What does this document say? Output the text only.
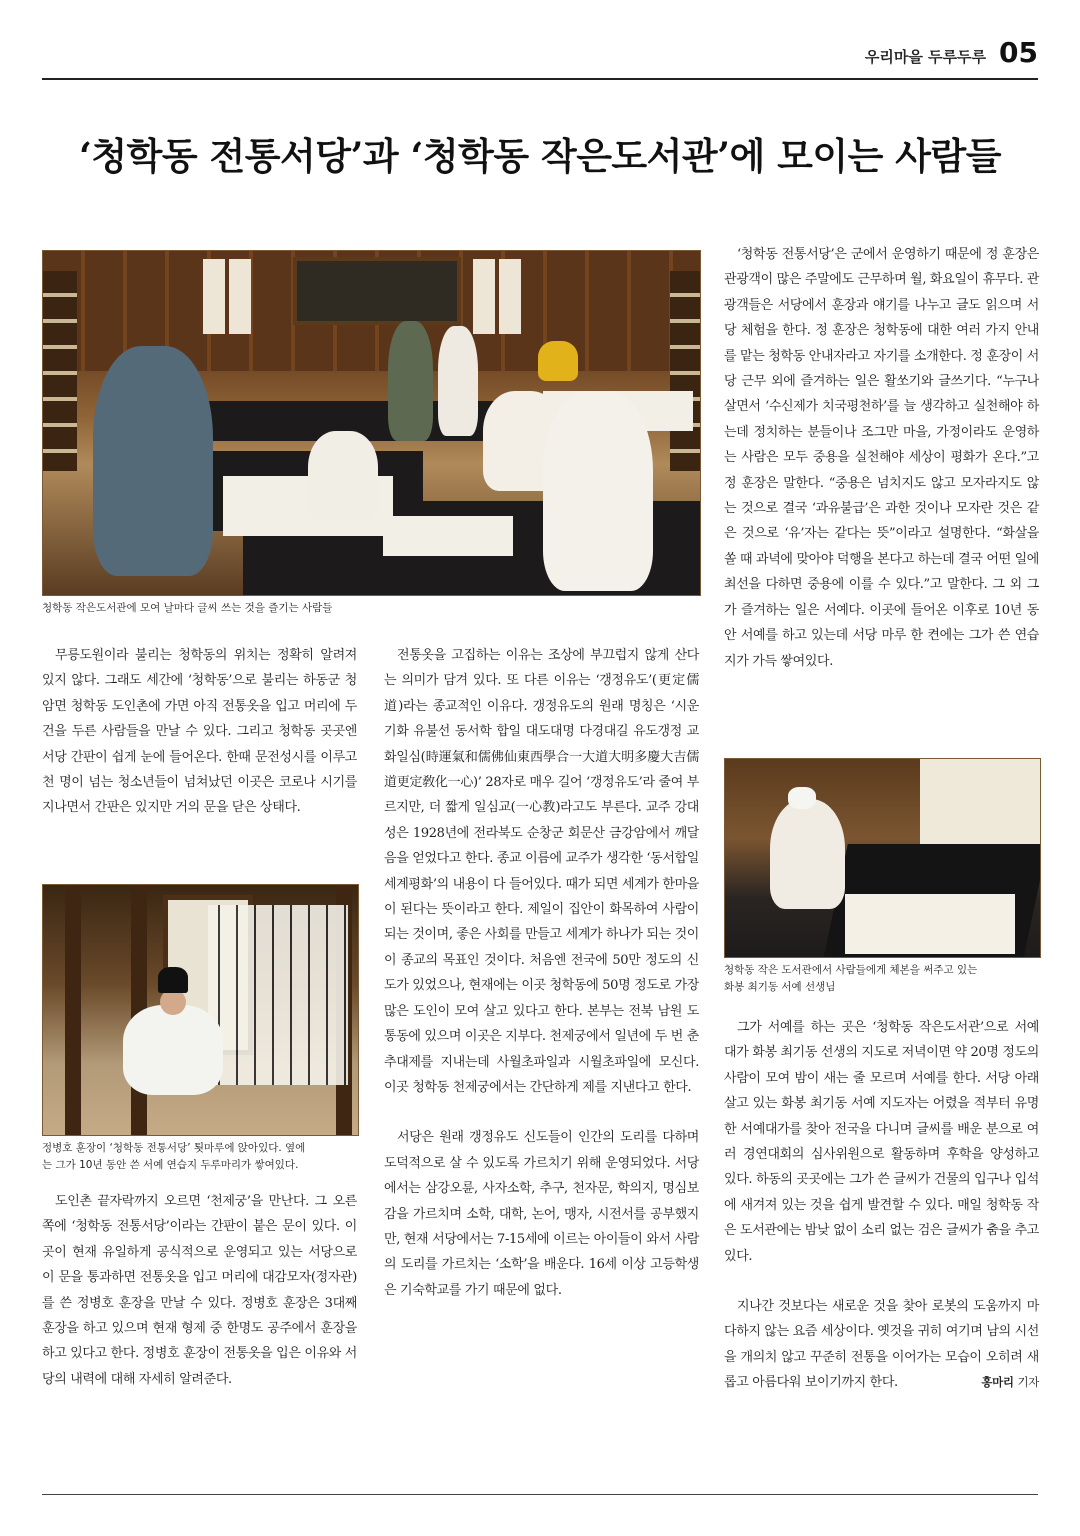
우리마을 두루두루 05
‘청학동 전통서당’과 ‘청학동 작은도서관’에 모이는 사람들

청학동 작은도서관에 모여 날마다 글씨 쓰는 것을 즐기는 사람들

무릉도원이라 불리는 청학동의 위치는 정확히 알려져 있지 않다. 그래도 세간에 ‘청학동’으로 불리는 하동군 청암면 청학동 도인촌에 가면 아직 전통옷을 입고 머리에 두건을 두른 사람들을 만날 수 있다. 그리고 청학동 곳곳엔 서당 간판이 쉽게 눈에 들어온다. 한때 문전성시를 이루고 천 명이 넘는 청소년들이 넘쳐났던 이곳은 코로나 시기를 지나면서 간판은 있지만 거의 문을 닫은 상태다.

정병호 훈장이 ‘청학동 전통서당’ 툇마루에 앉아있다. 옆에
는 그가 10년 동안 쓴 서예 연습지 두루마리가 쌓여있다.

도인촌 끝자락까지 오르면 ‘천제궁’을 만난다. 그 오른쪽에 ‘청학동 전통서당’이라는 간판이 붙은 문이 있다. 이곳이 현재 유일하게 공식적으로 운영되고 있는 서당으로 이 문을 통과하면 전통옷을 입고 머리에 대감모자(정자관)를 쓴 정병호 훈장을 만날 수 있다. 정병호 훈장은 3대째 훈장을 하고 있으며 현재 형제 중 한명도 공주에서 훈장을 하고 있다고 한다. 정병호 훈장이 전통옷을 입은 이유와 서당의 내력에 대해 자세히 알려준다.

전통옷을 고집하는 이유는 조상에 부끄럽지 않게 산다는 의미가 담겨 있다. 또 다른 이유는 ‘갱정유도’(更定儒道)라는 종교적인 이유다. 갱정유도의 원래 명칭은 ‘시운기화 유불선 동서학 합일 대도대명 다경대길 유도갱정 교화일심(時運氣和儒佛仙東西學合一大道大明多慶大吉儒道更定敎化一心)’ 28자로 매우 길어 ‘갱정유도’라 줄여 부르지만, 더 짧게 일심교(一心教)라고도 부른다. 교주 강대성은 1928년에 전라북도 순창군 회문산 금강암에서 깨달음을 얻었다고 한다. 종교 이름에 교주가 생각한 ‘동서합일 세계평화’의 내용이 다 들어있다. 때가 되면 세계가 한마을이 된다는 뜻이라고 한다. 제일이 집안이 화목하여 사람이 되는 것이며, 좋은 사회를 만들고 세계가 하나가 되는 것이 이 종교의 목표인 것이다. 처음엔 전국에 50만 정도의 신도가 있었으나, 현재에는 이곳 청학동에 50명 정도로 가장 많은 도인이 모여 살고 있다고 한다. 본부는 전북 남원 도통동에 있으며 이곳은 지부다. 천제궁에서 일년에 두 번 춘추대제를 지내는데 사월초파일과 시월초파일에 모신다. 이곳 청학동 천제궁에서는 간단하게 제를 지낸다고 한다.

서당은 원래 갱정유도 신도들이 인간의 도리를 다하며 도덕적으로 살 수 있도록 가르치기 위해 운영되었다. 서당에서는 삼강오륜, 사자소학, 추구, 천자문, 학의지, 명심보감을 가르치며 소학, 대학, 논어, 맹자, 시전서를 공부했지만, 현재 서당에서는 7-15세에 이르는 아이들이 와서 사람의 도리를 가르치는 ‘소학’을 배운다. 16세 이상 고등학생은 기숙학교를 가기 때문에 없다.

‘청학동 전통서당’은 군에서 운영하기 때문에 정 훈장은 관광객이 많은 주말에도 근무하며 월, 화요일이 휴무다. 관광객들은 서당에서 훈장과 얘기를 나누고 글도 읽으며 서당 체험을 한다. 정 훈장은 청학동에 대한 여러 가지 안내를 맡는 청학동 안내자라고 자기를 소개한다. 정 훈장이 서당 근무 외에 즐겨하는 일은 활쏘기와 글쓰기다. “누구나 살면서 ‘수신제가 치국평천하’를 늘 생각하고 실천해야 하는데 정치하는 분들이나 조그만 마을, 가정이라도 운영하는 사람은 모두 중용을 실천해야 세상이 평화가 온다.”고 정 훈장은 말한다. “중용은 넘치지도 않고 모자라지도 않는 것으로 결국 ‘과유불급’은 과한 것이나 모자란 것은 같은 것으로 ‘유’자는 같다는 뜻”이라고 설명한다. “화살을 쏠 때 과녁에 맞아야 덕행을 본다고 하는데 결국 어떤 일에 최선을 다하면 중용에 이를 수 있다.”고 말한다. 그 외 그가 즐겨하는 일은 서예다. 이곳에 들어온 이후로 10년 동안 서예를 하고 있는데 서당 마루 한 켠에는 그가 쓴 연습지가 가득 쌓여있다.

청학동 작은 도서관에서 사람들에게 체본을 써주고 있는
화봉 최기동 서예 선생님

그가 서예를 하는 곳은 ‘청학동 작은도서관’으로 서예 대가 화봉 최기동 선생의 지도로 저녁이면 약 20명 정도의 사람이 모여 밤이 새는 줄 모르며 서예를 한다. 서당 아래 살고 있는 화봉 최기동 서예 지도자는 어렸을 적부터 유명한 서예대가를 찾아 전국을 다니며 글씨를 배운 분으로 여러 경연대회의 심사위원으로 활동하며 후학을 양성하고 있다. 하동의 곳곳에는 그가 쓴 글씨가 건물의 입구나 입석에 새겨져 있는 것을 쉽게 발견할 수 있다. 매일 청학동 작은 도서관에는 밤낮 없이 소리 없는 검은 글씨가 춤을 추고 있다.

지나간 것보다는 새로운 것을 찾아 로봇의 도움까지 마다하지 않는 요즘 세상이다. 옛것을 귀히 여기며 남의 시선을 개의치 않고 꾸준히 전통을 이어가는 모습이 오히려 새롭고 아름다워 보이기까지 한다.	홍마리 기자
